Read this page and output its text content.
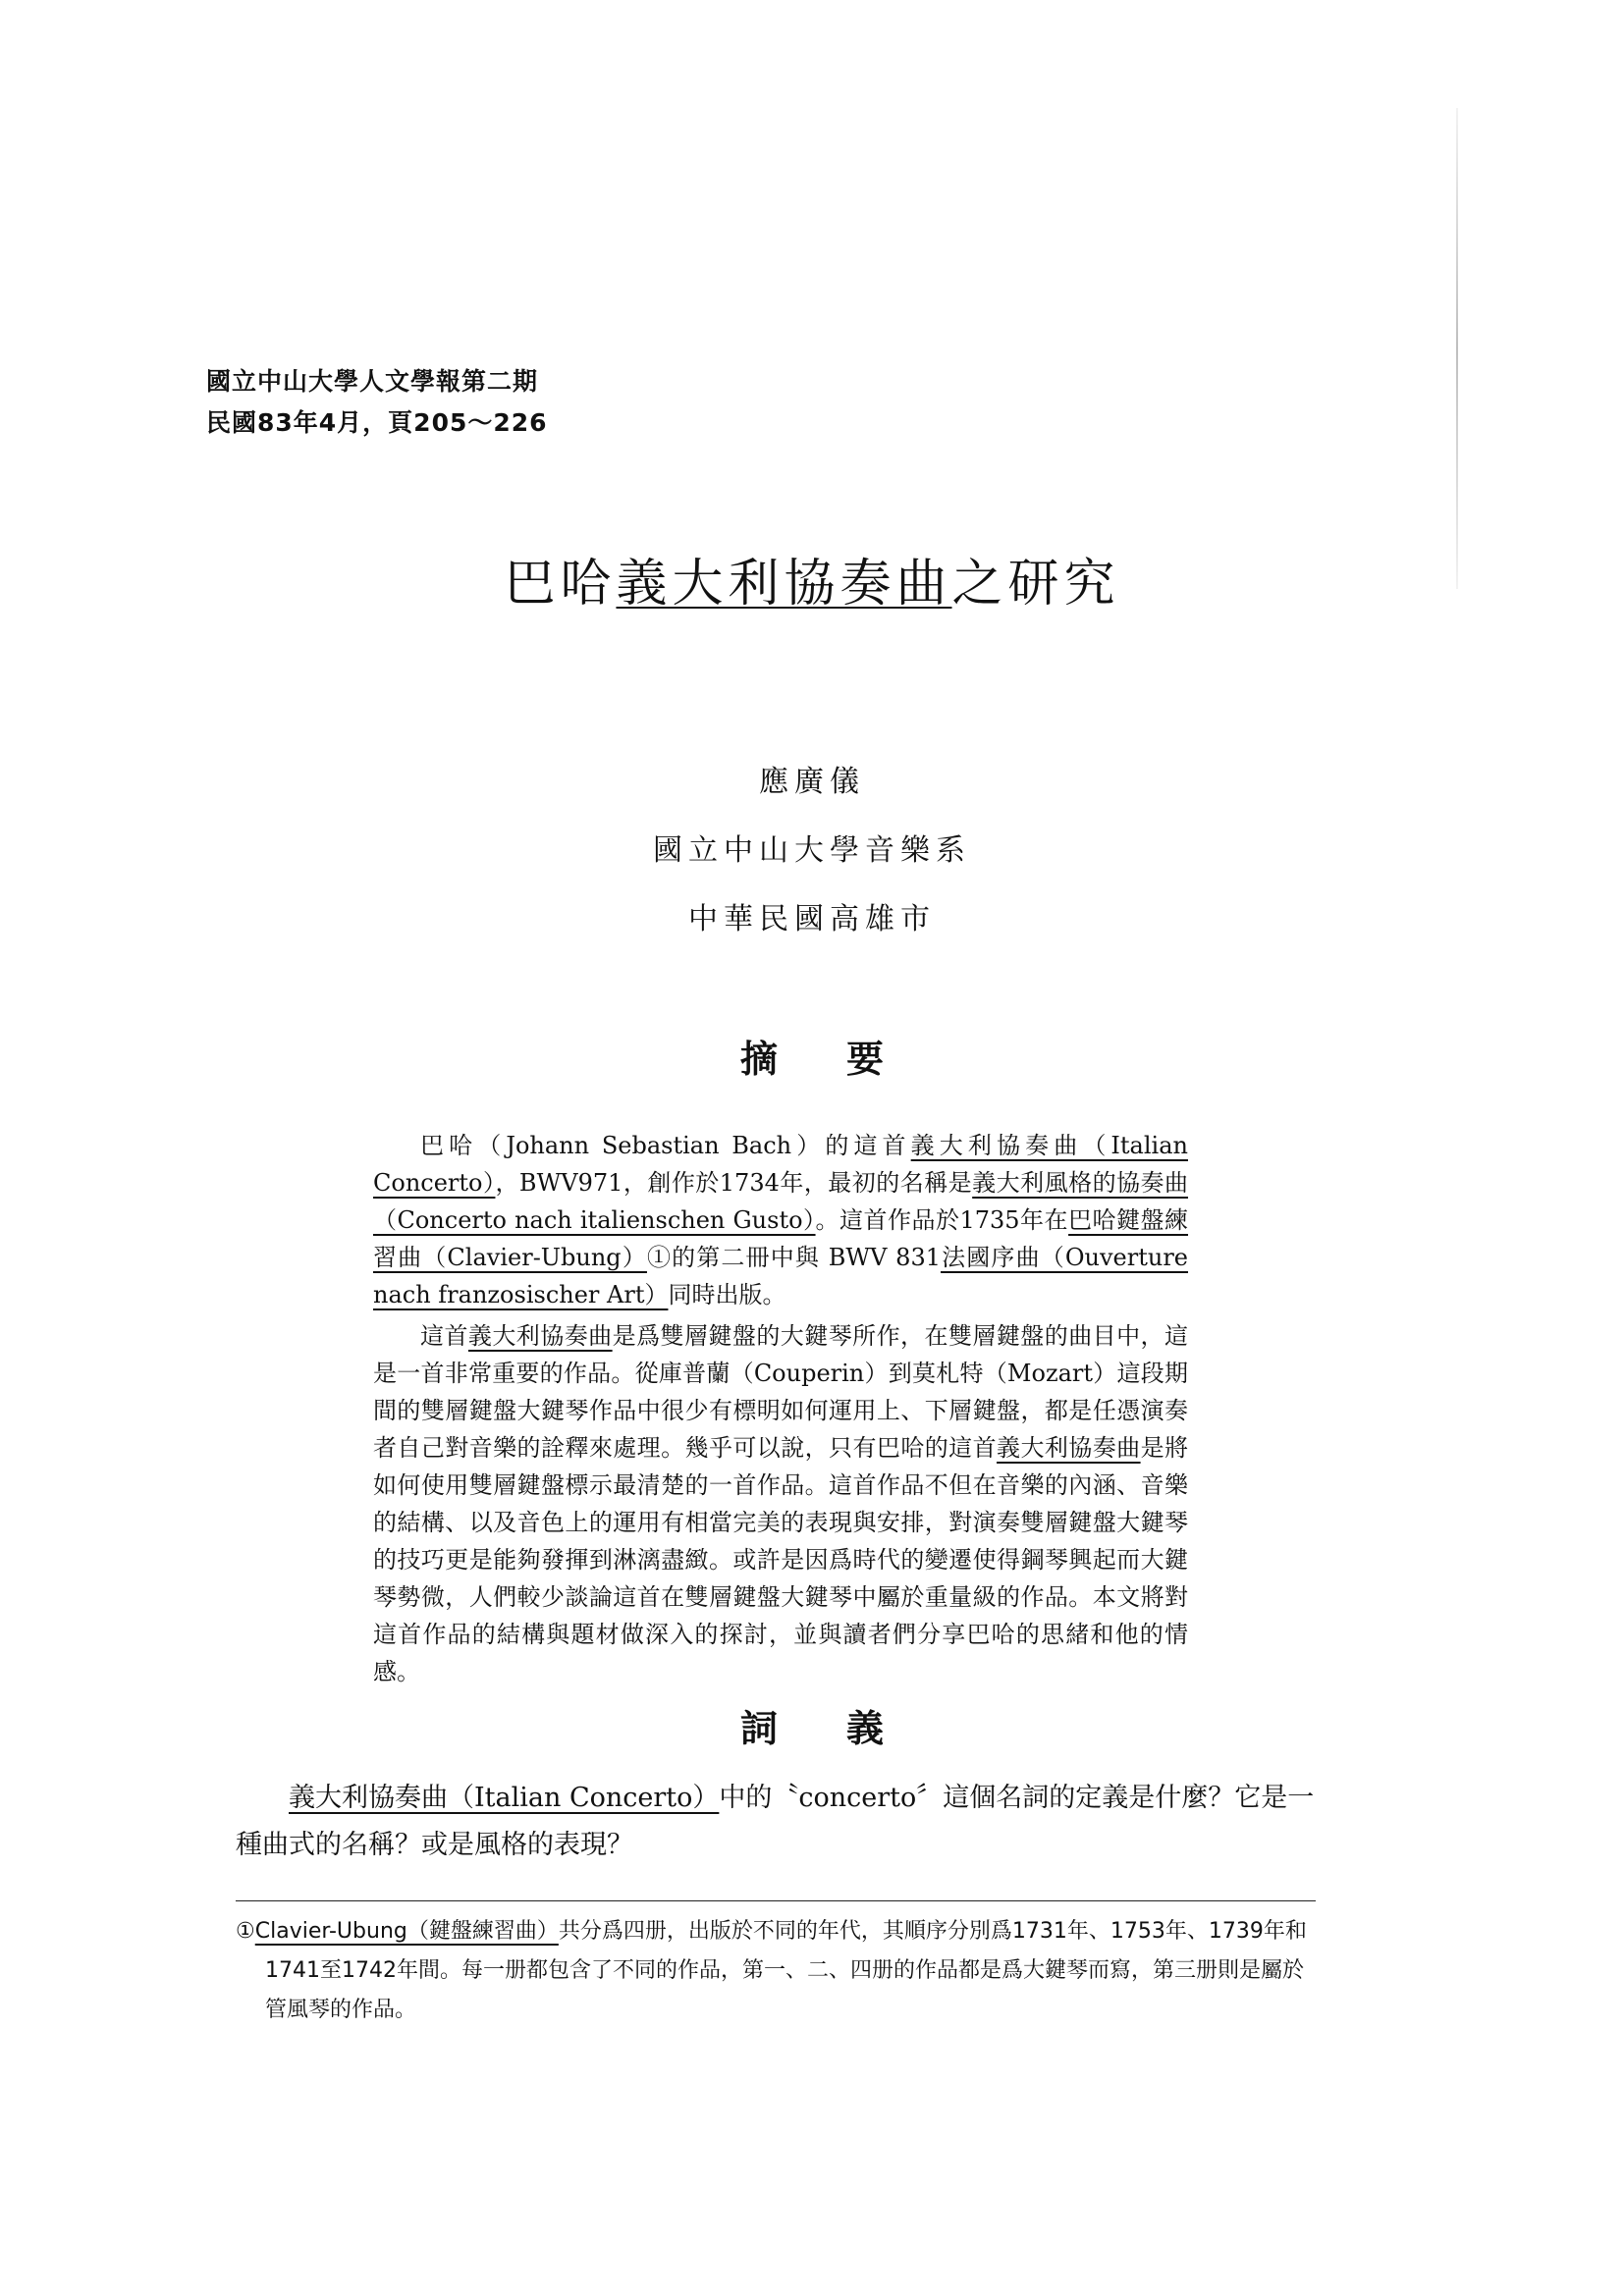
國立中山大學人文學報第二期
民國83年4月，頁205～226
巴哈義大利協奏曲之研究
應廣儀
國立中山大學音樂系
中華民國高雄市
摘要

巴哈（Johann Sebastian Bach）的這首義大利協奏曲（Italian Concerto），BWV971，創作於1734年，最初的名稱是義大利風格的協奏曲（Concerto nach italienschen Gusto）。這首作品於1735年在巴哈鍵盤練習曲（Clavier-Ubung）①的第二冊中與 BWV 831法國序曲（Ouverture nach franzosischer Art）同時出版。

這首義大利協奏曲是爲雙層鍵盤的大鍵琴所作，在雙層鍵盤的曲目中，這是一首非常重要的作品。從庫普蘭（Couperin）到莫札特（Mozart）這段期間的雙層鍵盤大鍵琴作品中很少有標明如何運用上、下層鍵盤，都是任憑演奏者自己對音樂的詮釋來處理。幾乎可以說，只有巴哈的這首義大利協奏曲是將如何使用雙層鍵盤標示最清楚的一首作品。這首作品不但在音樂的內涵、音樂的結構、以及音色上的運用有相當完美的表現與安排，對演奏雙層鍵盤大鍵琴的技巧更是能夠發揮到淋漓盡緻。或許是因爲時代的變遷使得鋼琴興起而大鍵琴勢微，人們較少談論這首在雙層鍵盤大鍵琴中屬於重量級的作品。本文將對這首作品的結構與題材做深入的探討，並與讀者們分享巴哈的思緒和他的情感。

詞義

義大利協奏曲（Italian Concerto）中的〝concerto〞這個名詞的定義是什麼？它是一種曲式的名稱？或是風格的表現？

①Clavier-Ubung（鍵盤練習曲）共分爲四册，出版於不同的年代，其順序分別爲1731年、1753年、1739年和1741至1742年間。每一册都包含了不同的作品，第一、二、四册的作品都是爲大鍵琴而寫，第三册則是屬於管風琴的作品。
